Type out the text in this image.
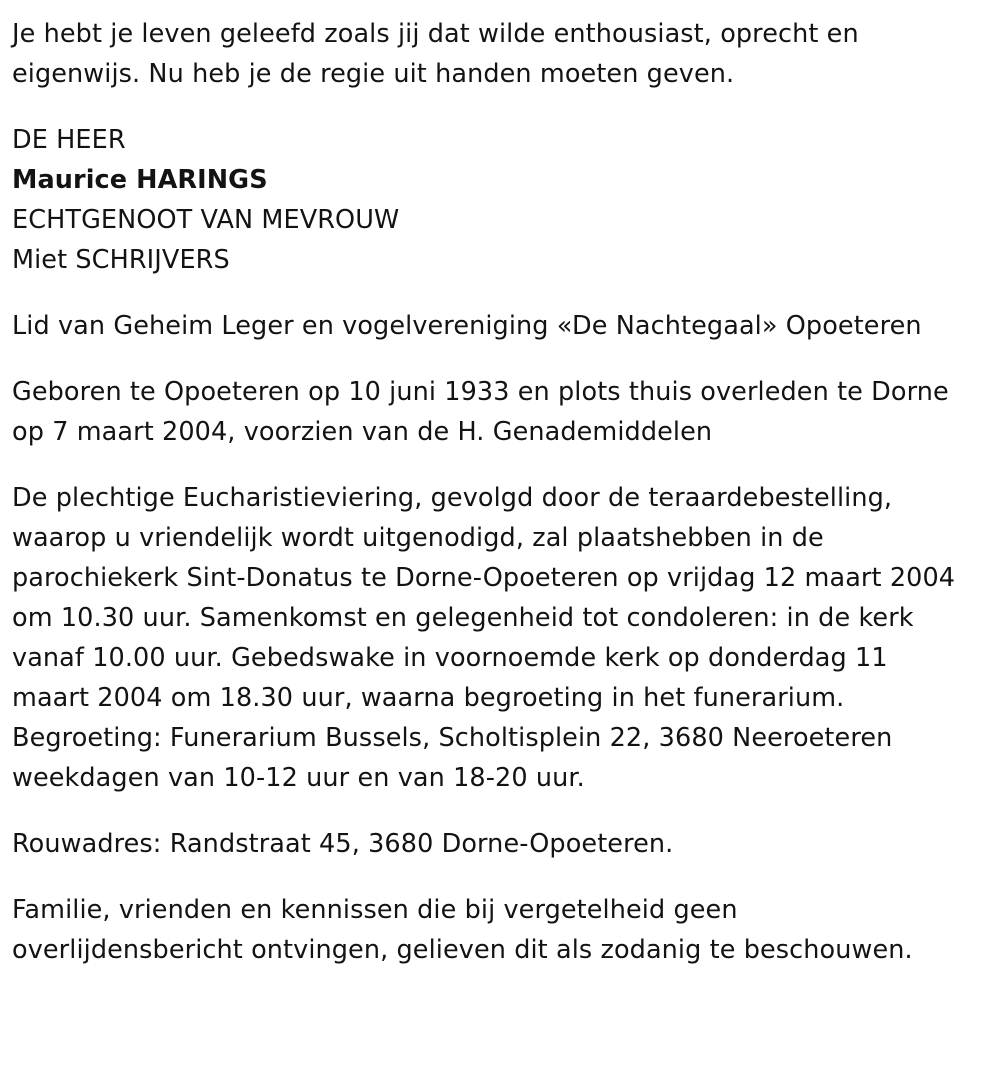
Je hebt je leven geleefd zoals jij dat wilde enthousiast, oprecht en
eigenwijs. Nu heb je de regie uit handen moeten geven.
DE HEER
Maurice HARINGS
ECHTGENOOT VAN MEVROUW
Miet SCHRIJVERS
Lid van Geheim Leger en vogelvereniging «De Nachtegaal» Opoeteren
Geboren te Opoeteren op 10 juni 1933 en plots thuis overleden te Dorne
op 7 maart 2004, voorzien van de H. Genademiddelen
De plechtige Eucharistieviering, gevolgd door de teraardebestelling,
waarop u vriendelijk wordt uitgenodigd, zal plaatshebben in de
parochiekerk Sint-Donatus te Dorne-Opoeteren op vrijdag 12 maart 2004
om 10.30 uur. Samenkomst en gelegenheid tot condoleren: in de kerk
vanaf 10.00 uur. Gebedswake in voornoemde kerk op donderdag 11
maart 2004 om 18.30 uur, waarna begroeting in het funerarium.
Begroeting: Funerarium Bussels, Scholtisplein 22, 3680 Neeroeteren
weekdagen van 10-12 uur en van 18-20 uur.
Rouwadres: Randstraat 45, 3680 Dorne-Opoeteren.
Familie, vrienden en kennissen die bij vergetelheid geen
overlijdensbericht ontvingen, gelieven dit als zodanig te beschouwen.
